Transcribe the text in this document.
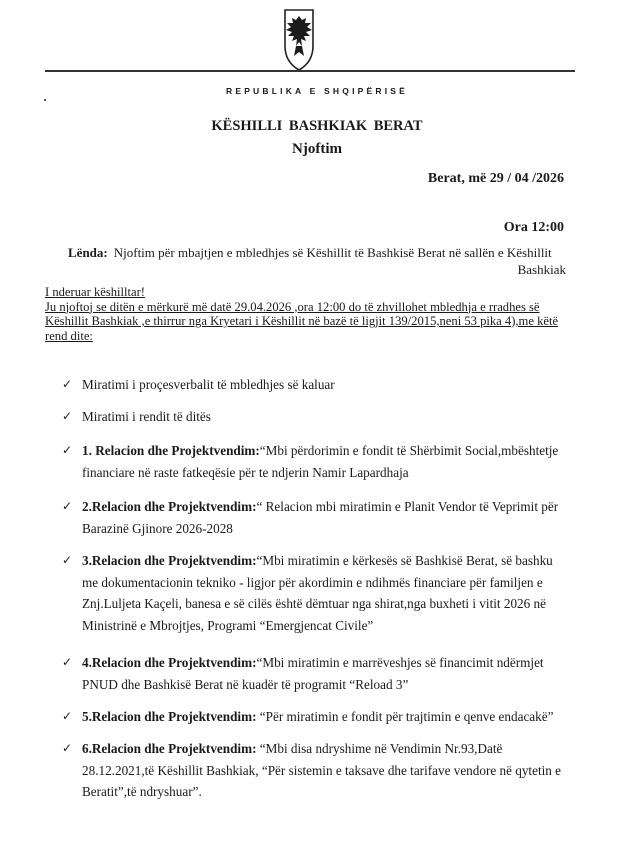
REPUBLIKA E SHQIPËRISË
KËSHILLI BASHKIAK BERAT
Njoftim
Berat, më 29 / 04 /2026
Ora 12:00
Lënda: Njoftim për mbajtjen e mbledhjes së Këshillit të Bashkisë Berat në sallën e Këshillit
Bashkiak
I nderuar këshilltar!
Ju njoftoj se ditën e mërkurë më datë 29.04.2026 ,ora 12:00 do të zhvillohet mbledhja e rradhes së Këshillit Bashkiak ,e thirrur nga Kryetari i Këshillit në bazë të ligjit 139/2015,neni 53 pika 4),me këtë rend dite:
✓ Miratimi i proçesverbalit të mbledhjes së kaluar
✓ Miratimi i rendit të ditës
✓ 1. Relacion dhe Projektvendim:“Mbi përdorimin e fondit të Shërbimit Social,mbështetje financiare në raste fatkeqësie për te ndjerin Namir Lapardhaja
✓ 2.Relacion dhe Projektvendim:“ Relacion mbi miratimin e Planit Vendor të Veprimit për Barazinë Gjinore 2026-2028
✓ 3.Relacion dhe Projektvendim:“Mbi miratimin e kërkesës së Bashkisë Berat, së bashku me dokumentacionin tekniko - ligjor për akordimin e ndihmës financiare për familjen e Znj.Luljeta Kaçeli, banesa e së cilës është dëmtuar nga shirat,nga buxheti i vitit 2026 në Ministrinë e Mbrojtjes, Programi “Emergjencat Civile”
✓ 4.Relacion dhe Projektvendim:“Mbi miratimin e marrëveshjes së financimit ndërmjet PNUD dhe Bashkisë Berat në kuadër të programit “Reload 3”
✓ 5.Relacion dhe Projektvendim: “Për miratimin e fondit për trajtimin e qenve endacakë”
✓ 6.Relacion dhe Projektvendim: “Mbi disa ndryshime në Vendimin Nr.93,Datë 28.12.2021,të Këshillit Bashkiak, “Për sistemin e taksave dhe tarifave vendore në qytetin e Beratit”,të ndryshuar”.
